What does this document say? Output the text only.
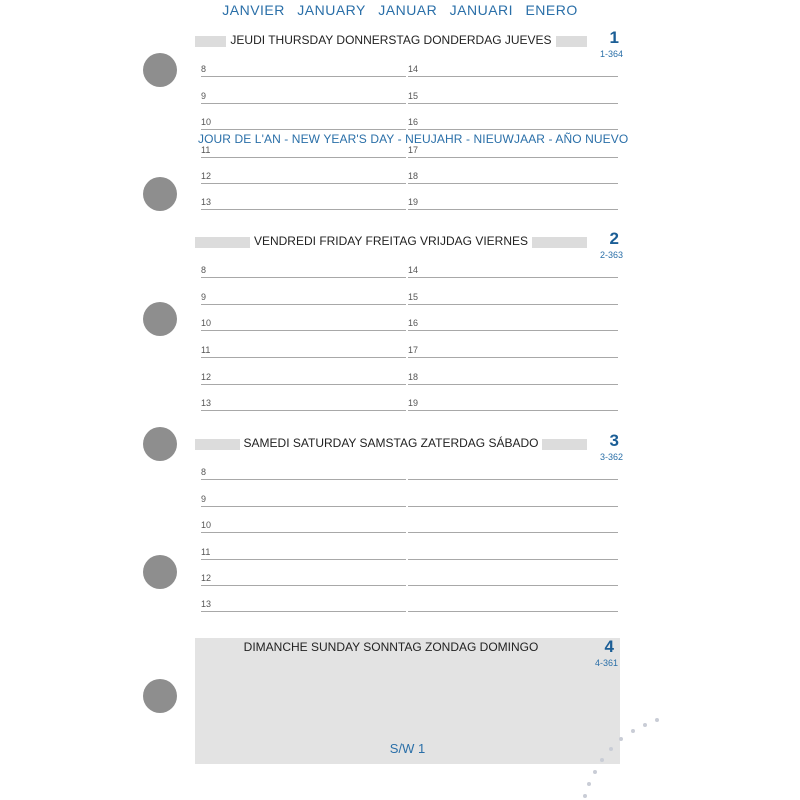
JANVIER JANUARY JANUAR JANUARI ENERO
JEUDI THURSDAY DONNERSTAG DONDERDAG JUEVES	1
1-364
8
9
10
11
12
13
14
15
16
17
18
19
JOUR DE L'AN - NEW YEAR'S DAY - NEUJAHR - NIEUWJAAR - AÑO NUEVO
VENDREDI FRIDAY FREITAG VRIJDAG VIERNES	2
2-363
8
9
10
11
12
13
14
15
16
17
18
19
SAMEDI SATURDAY SAMSTAG ZATERDAG SÁBADO	3
3-362
8
9
10
11
12
13
DIMANCHE SUNDAY SONNTAG ZONDAG DOMINGO	4
4-361
S/W 1
